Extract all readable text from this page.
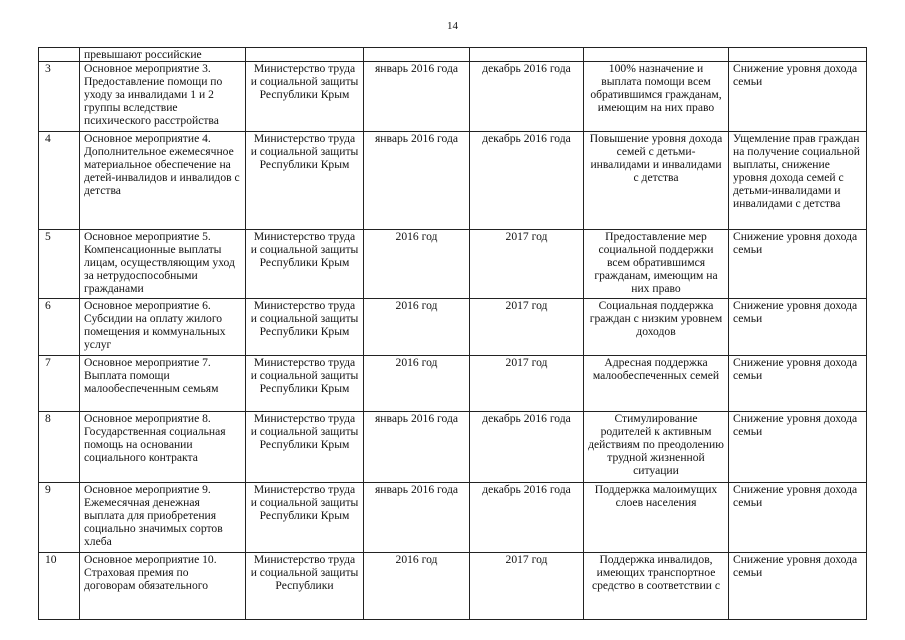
14
	превышают российские					
3	Основное мероприятие 3. Предоставление помощи по уходу за инвалидами 1 и 2 группы вследствие психического расстройства	Министерство труда и социальной защиты Республики Крым	январь 2016 года	декабрь 2016 года	100% назначение и выплата помощи всем обратившимся гражданам, имеющим на них право	Снижение уровня дохода семьи
4	Основное мероприятие 4. Дополнительное ежемесячное материальное обеспечение на детей-инвалидов и инвалидов с детства	Министерство труда и социальной защиты Республики Крым	январь 2016 года	декабрь 2016 года	Повышение уровня дохода семей с детьми-инвалидами и инвалидами с детства	Ущемление прав граждан на получение социальной выплаты, снижение уровня дохода семей с детьми-инвалидами и инвалидами с детства
5	Основное мероприятие 5. Компенсационные выплаты лицам, осуществляющим уход за нетрудоспособными гражданами	Министерство труда и социальной защиты Республики Крым	2016 год	2017 год	Предоставление мер социальной поддержки всем обратившимся гражданам, имеющим на них право	Снижение уровня дохода семьи
6	Основное мероприятие 6. Субсидии на оплату жилого помещения и коммунальных услуг	Министерство труда и социальной защиты Республики Крым	2016 год	2017 год	Социальная поддержка граждан с низким уровнем доходов	Снижение уровня дохода семьи
7	Основное мероприятие 7. Выплата помощи малообеспеченным семьям	Министерство труда и социальной защиты Республики Крым	2016 год	2017 год	Адресная поддержка малообеспеченных семей	Снижение уровня дохода семьи
8	Основное мероприятие 8. Государственная социальная помощь на основании социального контракта	Министерство труда и социальной защиты Республики Крым	январь 2016 года	декабрь 2016 года	Стимулирование родителей к активным действиям по преодолению трудной жизненной ситуации	Снижение уровня дохода семьи
9	Основное мероприятие 9. Ежемесячная денежная выплата для приобретения социально значимых сортов хлеба	Министерство труда и социальной защиты Республики Крым	январь 2016 года	декабрь 2016 года	Поддержка малоимущих слоев населения	Снижение уровня дохода семьи
10	Основное мероприятие 10. Страховая премия по договорам обязательного	Министерство труда и социальной защиты Республики	2016 год	2017 год	Поддержка инвалидов, имеющих транспортное средство в соответствии с	Снижение уровня дохода семьи
